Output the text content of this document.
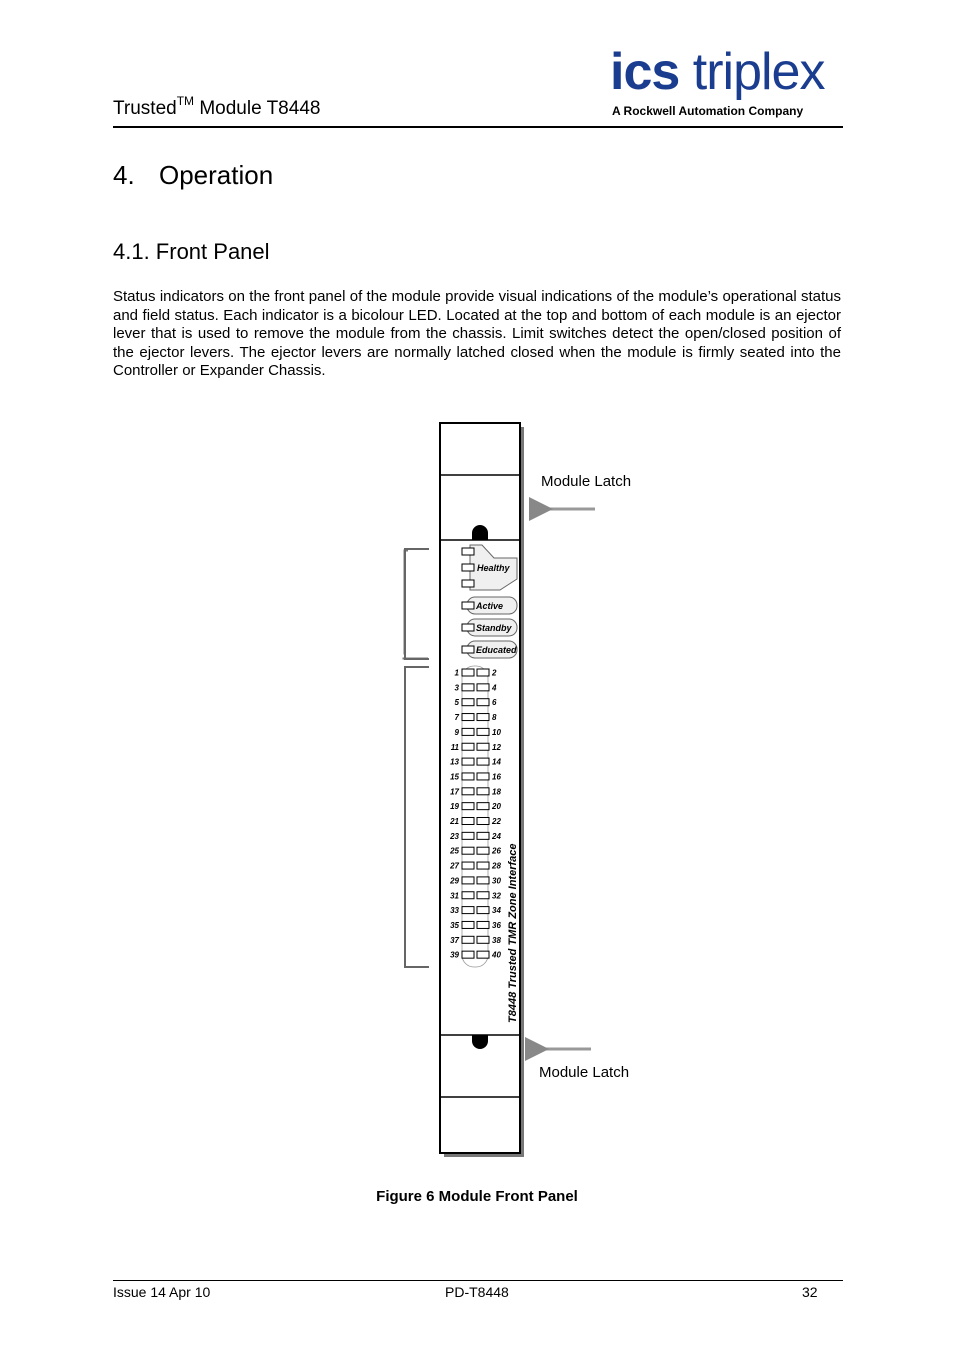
Trusted™ Module T8448
ics triplex
A Rockwell Automation Company
4. Operation
4.1. Front Panel
Status indicators on the front panel of the module provide visual indications of the module’s operational status and field status. Each indicator is a bicolour LED. Located at the top and bottom of each module is an ejector lever that is used to remove the module from the chassis. Limit switches detect the open/closed position of the ejector levers. The ejector levers are normally latched closed when the module is firmly seated into the Controller or Expander Chassis.
Healthy
Active
Standby
Educated
1	2
3	4
5	6
7	8
9	10
11	12
13	14
15	16
17	18
19	20
21	22
23	24
25	26
27	28
29	30
31	32
33	34
35	36
37	38
39	40 T8448 Trusted TMR Zone Interface
Module Latch
Module Latch
Figure 6 Module Front Panel
Issue 14 Apr 10	PD-T8448	32
